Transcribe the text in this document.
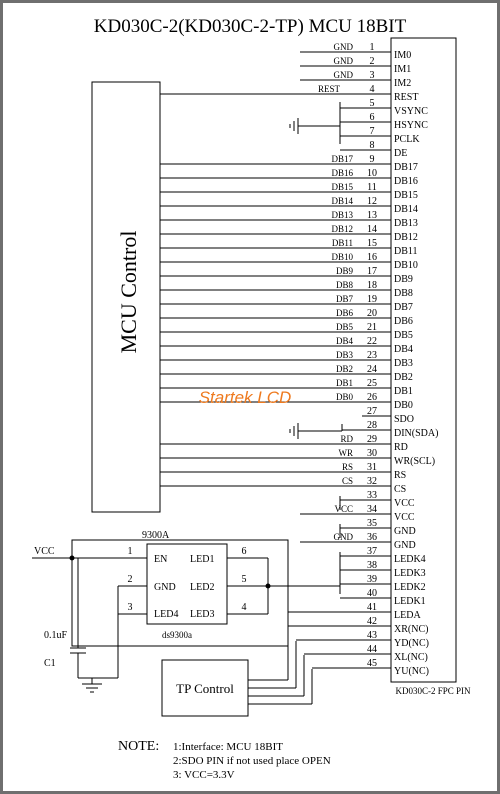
KD030C-2(KD030C-2-TP) MCU 18BIT
KD030C-2 FPC PIN
MCU Control
1
IM0
GND
2
IM1
GND
3
IM2
GND
4
REST
REST
5
VSYNC
6
HSYNC
7
PCLK
8
DE
9
DB17
DB17
10
DB16
DB16
11
DB15
DB15
12
DB14
DB14
13
DB13
DB13
14
DB12
DB12
15
DB11
DB11
16
DB10
DB10
17
DB9
DB9
18
DB8
DB8
19
DB7
DB7
20
DB6
DB6
21
DB5
DB5
22
DB4
DB4
23
DB3
DB3
24
DB2
DB2
25
DB1
DB1
26
DB0
DB0
27
SDO
28
DIN(SDA)
29
RD
RD
30
WR(SCL)
WR
31
RS
RS
32
CS
CS
33
VCC
34
VCC
VCC
35
GND
36
GND
GND
37
LEDK4
38
LEDK3
39
LEDK2
40
LEDK1
41
LEDA
42
XR(NC)
43
YD(NC)
44
XL(NC)
45
YU(NC)
9300A
EN
GND
LED4
LED1
LED2
LED3
ds9300a
1
2
3
6
5
4
VCC
0.1uF
C1
TP Control
Startek LCD
NOTE: 1:Interface: MCU 18BIT
2:SDO PIN if not used place OPEN
3: VCC=3.3V
